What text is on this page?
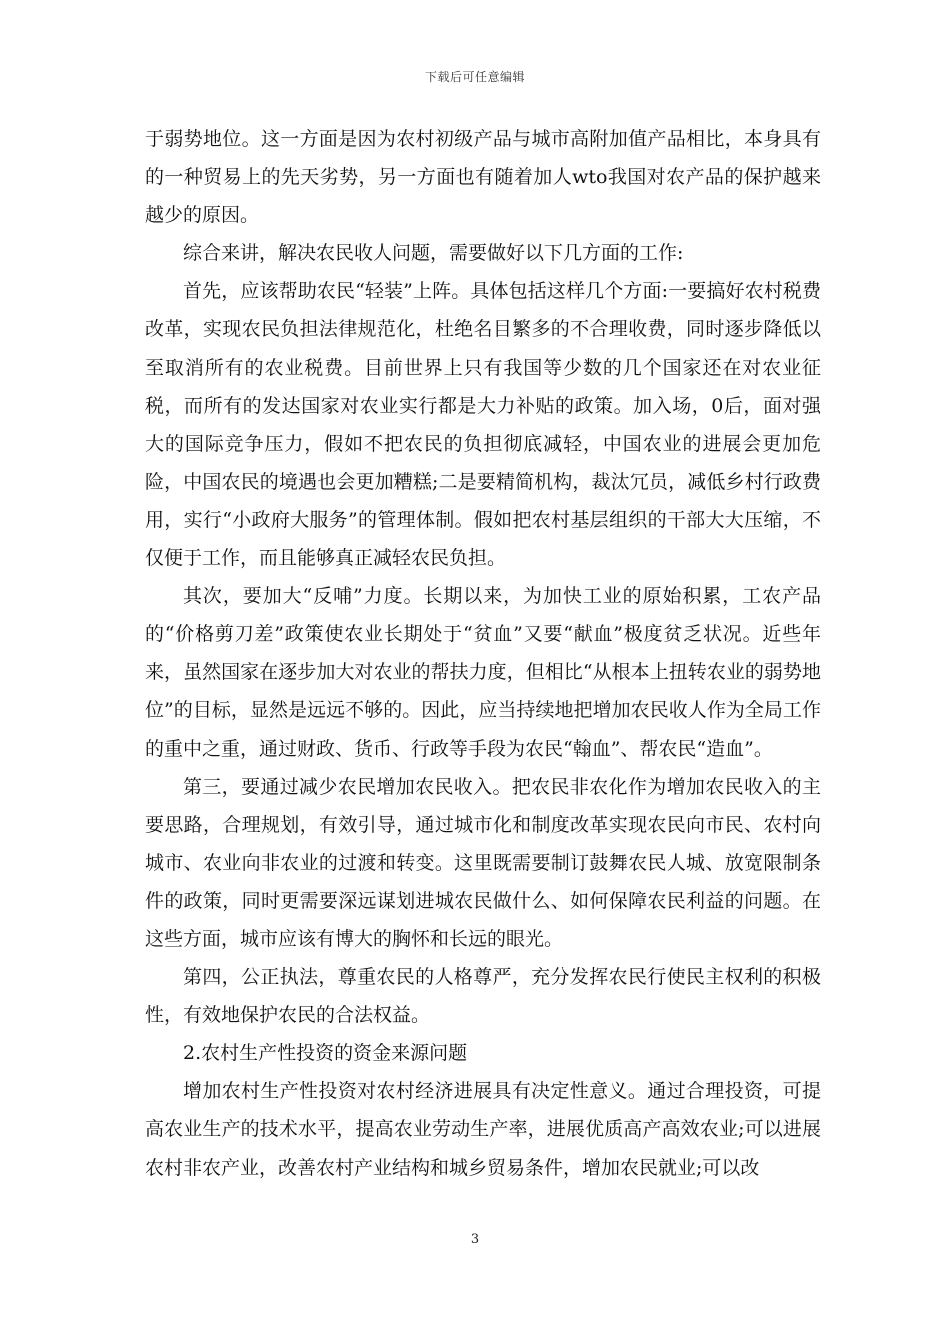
下载后可任意编辑

于弱势地位。这一方面是因为农村初级产品与城市高附加值产品相比，本身具有的一种贸易上的先天劣势，另一方面也有随着加人wto我国对农产品的保护越来越少的原因。

综合来讲，解决农民收人问题，需要做好以下几方面的工作:

首先，应该帮助农民“轻装”上阵。具体包括这样几个方面:一要搞好农村税费改革，实现农民负担法律规范化，杜绝名目繁多的不合理收费，同时逐步降低以至取消所有的农业税费。目前世界上只有我国等少数的几个国家还在对农业征税，而所有的发达国家对农业实行都是大力补贴的政策。加入场，0后，面对强大的国际竞争压力，假如不把农民的负担彻底减轻，中国农业的进展会更加危险，中国农民的境遇也会更加糟糕;二是要精简机构，裁汰冗员，减低乡村行政费用，实行“小政府大服务”的管理体制。假如把农村基层组织的干部大大压缩，不仅便于工作，而且能够真正减轻农民负担。

其次，要加大“反哺”力度。长期以来，为加快工业的原始积累，工农产品的“价格剪刀差”政策使农业长期处于“贫血”又要“献血”极度贫乏状况。近些年来，虽然国家在逐步加大对农业的帮扶力度，但相比“从根本上扭转农业的弱势地位”的目标，显然是远远不够的。因此，应当持续地把增加农民收人作为全局工作的重中之重，通过财政、货币、行政等手段为农民“翰血”、帮农民“造血”。

第三，要通过减少农民增加农民收入。把农民非农化作为增加农民收入的主要思路，合理规划，有效引导，通过城市化和制度改革实现农民向市民、农村向城市、农业向非农业的过渡和转变。这里既需要制订鼓舞农民人城、放宽限制条件的政策，同时更需要深远谋划进城农民做什么、如何保障农民利益的问题。在这些方面，城市应该有博大的胸怀和长远的眼光。

第四，公正执法，尊重农民的人格尊严，充分发挥农民行使民主权利的积极性，有效地保护农民的合法权益。

2.农村生产性投资的资金来源问题

增加农村生产性投资对农村经济进展具有决定性意义。通过合理投资，可提高农业生产的技术水平，提高农业劳动生产率，进展优质高产高效农业;可以进展农村非农产业，改善农村产业结构和城乡贸易条件，增加农民就业;可以改

3
